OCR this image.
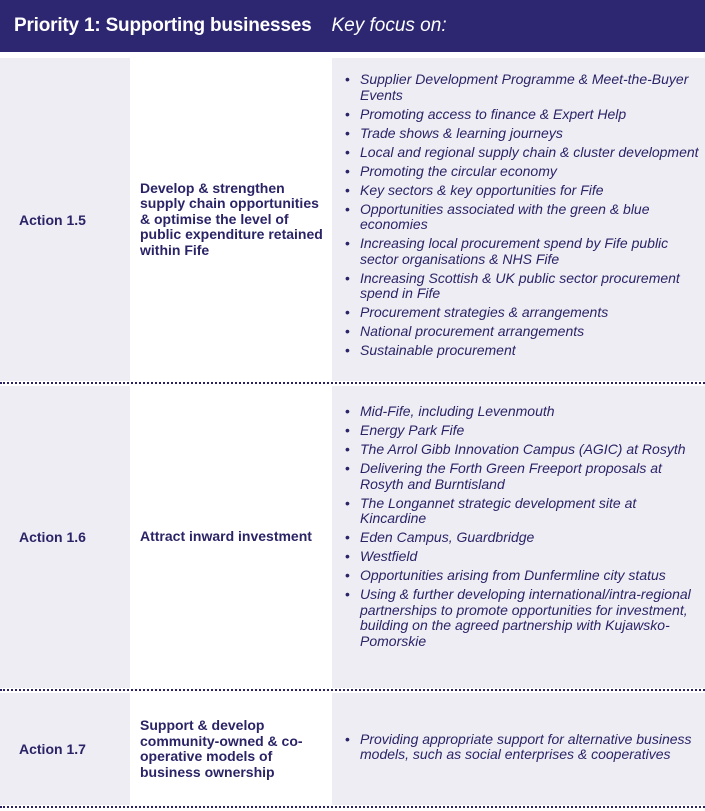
Priority 1: Supporting businesses Key focus on:
Action 1.5
Develop & strengthen supply chain opportunities & optimise the level of public expenditure retained within Fife
• Supplier Development Programme & Meet-the-Buyer Events
• Promoting access to finance & Expert Help
• Trade shows & learning journeys
• Local and regional supply chain & cluster development
• Promoting the circular economy
• Key sectors & key opportunities for Fife
• Opportunities associated with the green & blue economies
• Increasing local procurement spend by Fife public sector organisations & NHS Fife
• Increasing Scottish & UK public sector procurement spend in Fife
• Procurement strategies & arrangements
• National procurement arrangements
• Sustainable procurement
Action 1.6	Attract inward investment
• Mid-Fife, including Levenmouth
• Energy Park Fife
• The Arrol Gibb Innovation Campus (AGIC) at Rosyth
• Delivering the Forth Green Freeport proposals at Rosyth and Burntisland
• The Longannet strategic development site at Kincardine
• Eden Campus, Guardbridge
• Westfield
• Opportunities arising from Dunfermline city status
• Using & further developing international/intra-regional partnerships to promote opportunities for investment, building on the agreed partnership with Kujawsko-Pomorskie
Action 1.7
Support & develop community-owned & co-operative models of business ownership
• Providing appropriate support for alternative business models, such as social enterprises & cooperatives
